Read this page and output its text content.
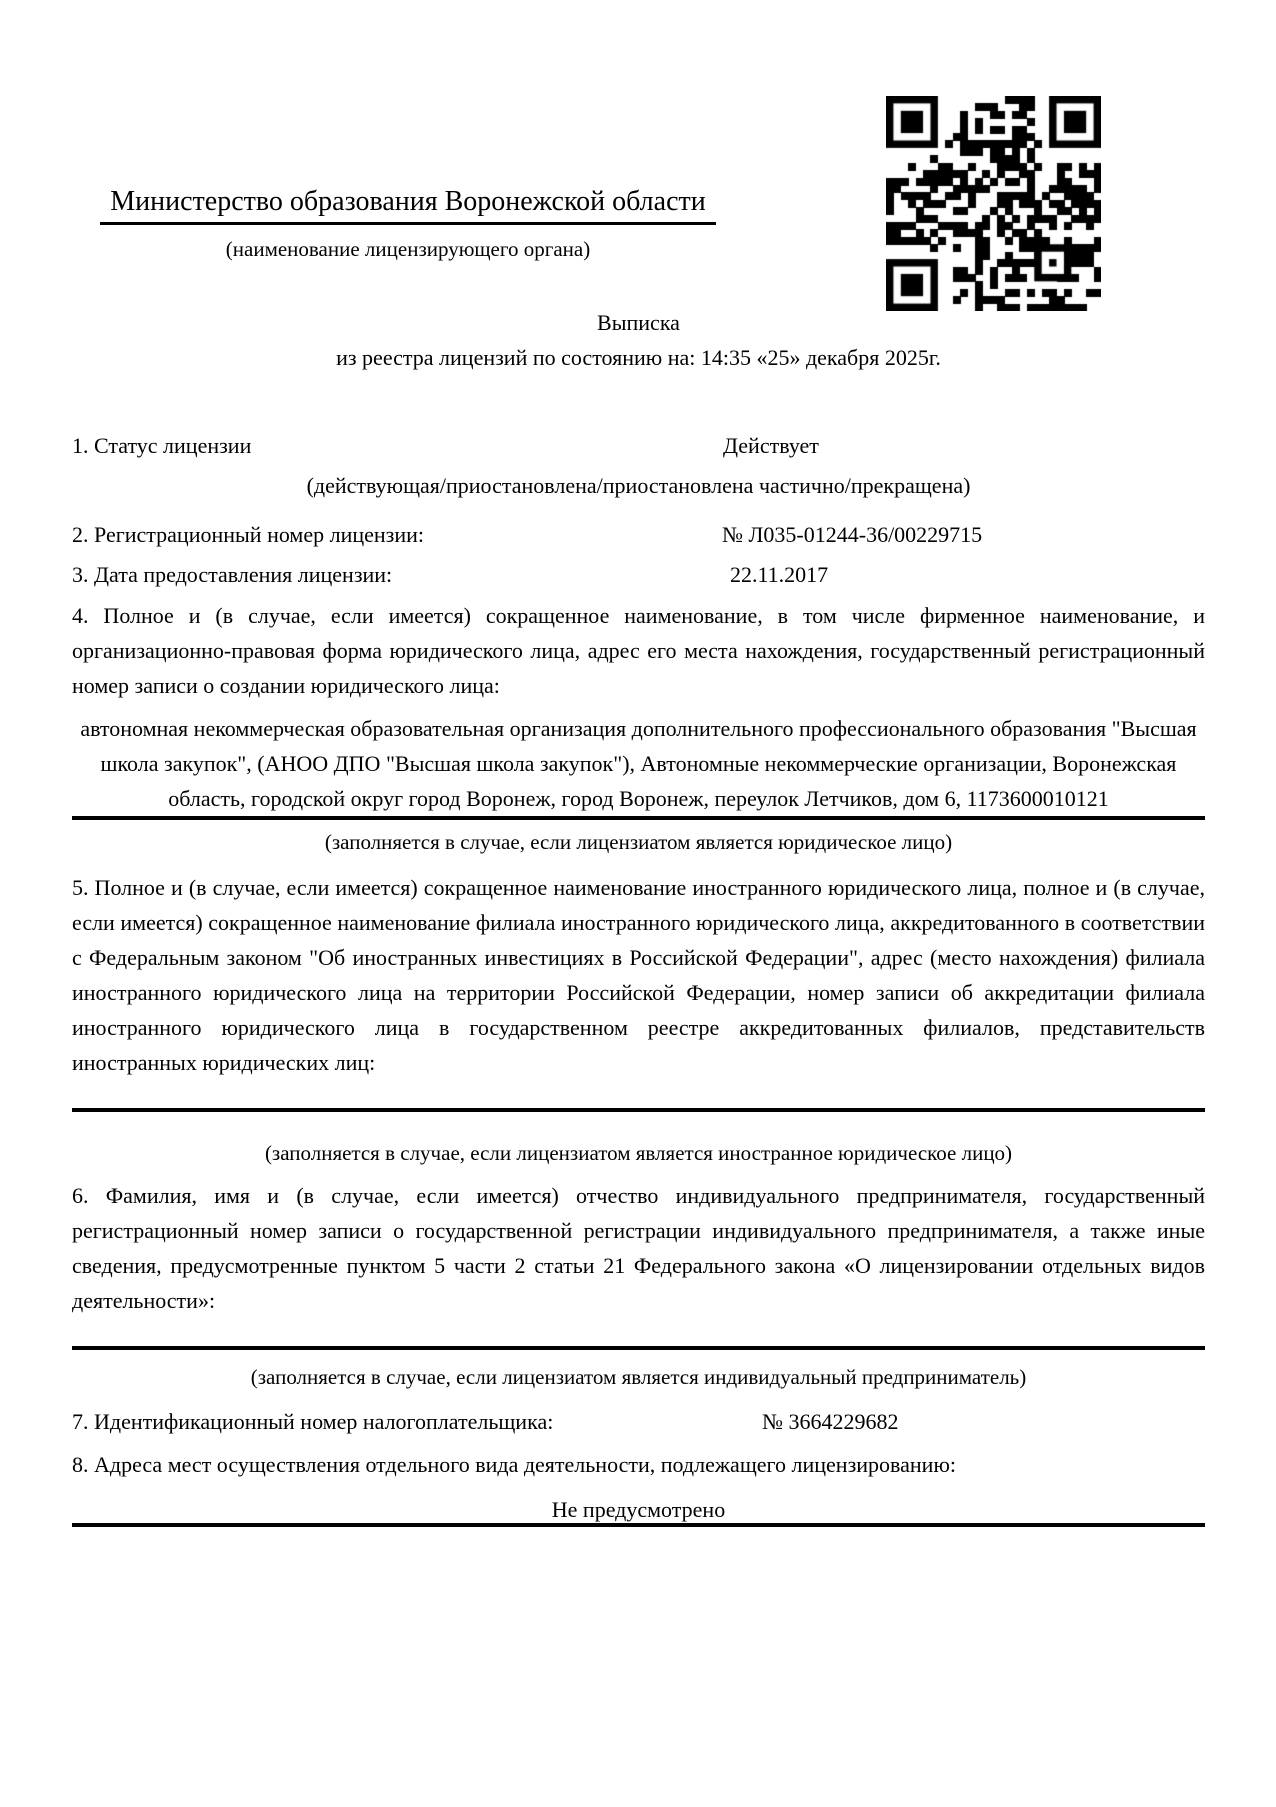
Министерство образования Воронежской области
(наименование лицензирующего органа)
Выписка
из реестра лицензий по состоянию на: 14:35 «25» декабря 2025г.
1. Статус лицензии	Действует
(действующая/приостановлена/приостановлена частично/прекращена)
2. Регистрационный номер лицензии:	№ Л035-01244-36/00229715
3. Дата предоставления лицензии:	22.11.2017
4. Полное и (в случае, если имеется) сокращенное наименование, в том числе фирменное наименование, и организационно-правовая форма юридического лица, адрес его места нахождения, государственный регистрационный номер записи о создании юридического лица:
автономная некоммерческая образовательная организация дополнительного профессионального образования "Высшая школа закупок", (АНОО ДПО "Высшая школа закупок"), Автономные некоммерческие организации, Воронежская область, городской округ город Воронеж, город Воронеж, переулок Летчиков, дом 6, 1173600010121
(заполняется в случае, если лицензиатом является юридическое лицо)
5. Полное и (в случае, если имеется) сокращенное наименование иностранного юридического лица, полное и (в случае, если имеется) сокращенное наименование филиала иностранного юридического лица, аккредитованного в соответствии с Федеральным законом "Об иностранных инвестициях в Российской Федерации", адрес (место нахождения) филиала иностранного юридического лица на территории Российской Федерации, номер записи об аккредитации филиала иностранного юридического лица в государственном реестре аккредитованных филиалов, представительств иностранных юридических лиц:
(заполняется в случае, если лицензиатом является иностранное юридическое лицо)
6. Фамилия, имя и (в случае, если имеется) отчество индивидуального предпринимателя, государственный регистрационный номер записи о государственной регистрации индивидуального предпринимателя, а также иные сведения, предусмотренные пунктом 5 части 2 статьи 21 Федерального закона «О лицензировании отдельных видов деятельности»:
(заполняется в случае, если лицензиатом является индивидуальный предприниматель)
7. Идентификационный номер налогоплательщика:	№ 3664229682
8. Адреса мест осуществления отдельного вида деятельности, подлежащего лицензированию:
Не предусмотрено
